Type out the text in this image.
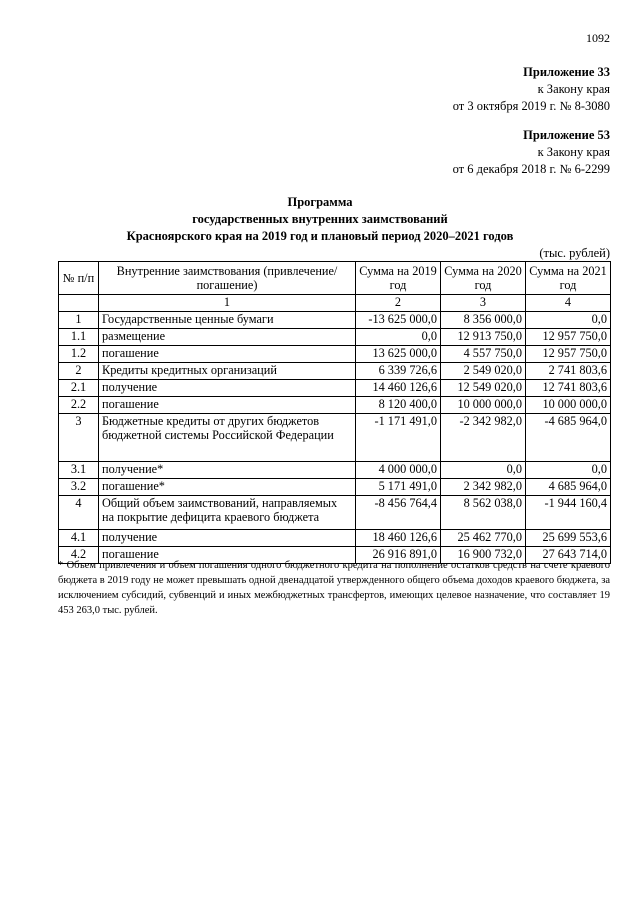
1092
Приложение 33
к Закону края
от 3 октября 2019 г. № 8-3080
Приложение 53
к Закону края
от 6 декабря 2018 г. № 6-2299
Программа
государственных внутренних заимствований
Красноярского края на 2019 год и плановый период 2020–2021 годов
(тыс. рублей)
№ п/п	Внутренние заимствования (привлечение/ погашение)	Сумма на 2019 год	Сумма на 2020 год	Сумма на 2021 год
	1	2	3	4
1	Государственные ценные бумаги	-13 625 000,0	8 356 000,0	0,0
1.1	размещение	0,0	12 913 750,0	12 957 750,0
1.2	погашение	13 625 000,0	4 557 750,0	12 957 750,0
2	Кредиты кредитных организаций	6 339 726,6	2 549 020,0	2 741 803,6
2.1	получение	14 460 126,6	12 549 020,0	12 741 803,6
2.2	погашение	8 120 400,0	10 000 000,0	10 000 000,0
3	Бюджетные кредиты от других бюджетов бюджетной системы Российской Федерации	-1 171 491,0	-2 342 982,0	-4 685 964,0
3.1	получение*	4 000 000,0	0,0	0,0
3.2	погашение*	5 171 491,0	2 342 982,0	4 685 964,0
4	Общий объем заимствований, направляемых на покрытие дефицита краевого бюджета	-8 456 764,4	8 562 038,0	-1 944 160,4
4.1	получение	18 460 126,6	25 462 770,0	25 699 553,6
4.2	погашение	26 916 891,0	16 900 732,0	27 643 714,0
* Объем привлечения и объем погашения одного бюджетного кредита на пополнение остатков средств на счете краевого бюджета в 2019 году не может превышать одной двенадцатой утвержденного общего объема доходов краевого бюджета, за исключением субсидий, субвенций и иных межбюджетных трансфертов, имеющих целевое назначение, что составляет 19 453 263,0 тыс. рублей.
